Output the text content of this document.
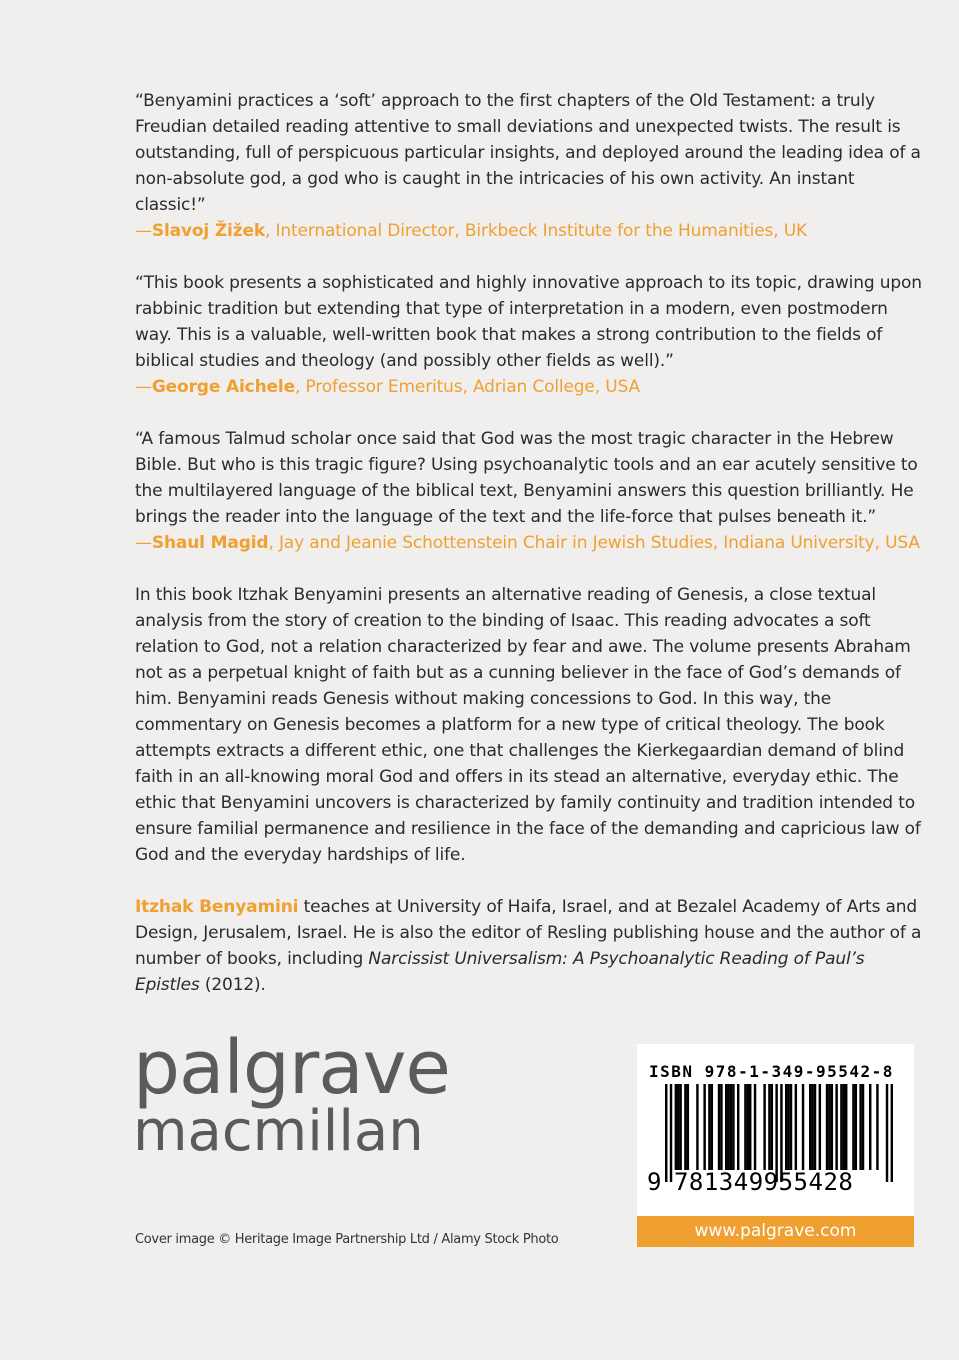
“Benyamini practices a ‘soft’ approach to the first chapters of the Old Testament: a truly Freudian detailed reading attentive to small deviations and unexpected twists. The result is outstanding, full of perspicuous particular insights, and deployed around the leading idea of a non-absolute god, a god who is caught in the intricacies of his own activity. An instant classic!”
—Slavoj Žižek, International Director, Birkbeck Institute for the Humanities, UK

“This book presents a sophisticated and highly innovative approach to its topic, drawing upon rabbinic tradition but extending that type of interpretation in a modern, even postmodern way. This is a valuable, well-written book that makes a strong contribution to the fields of biblical studies and theology (and possibly other fields as well).”
—George Aichele, Professor Emeritus, Adrian College, USA

“A famous Talmud scholar once said that God was the most tragic character in the Hebrew Bible. But who is this tragic figure? Using psychoanalytic tools and an ear acutely sensitive to the multilayered language of the biblical text, Benyamini answers this question brilliantly. He brings the reader into the language of the text and the life-force that pulses beneath it.”
—Shaul Magid, Jay and Jeanie Schottenstein Chair in Jewish Studies, Indiana University, USA

In this book Itzhak Benyamini presents an alternative reading of Genesis, a close textual analysis from the story of creation to the binding of Isaac. This reading advocates a soft relation to God, not a relation characterized by fear and awe. The volume presents Abraham not as a perpetual knight of faith but as a cunning believer in the face of God’s demands of him. Benyamini reads Genesis without making concessions to God. In this way, the commentary on Genesis becomes a platform for a new type of critical theology. The book attempts extracts a different ethic, one that challenges the Kierkegaardian demand of blind faith in an all-knowing moral God and offers in its stead an alternative, everyday ethic. The ethic that Benyamini uncovers is characterized by family continuity and tradition intended to ensure familial permanence and resilience in the face of the demanding and capricious law of God and the everyday hardships of life.

Itzhak Benyamini teaches at University of Haifa, Israel, and at Bezalel Academy of Arts and Design, Jerusalem, Israel. He is also the editor of Resling publishing house and the author of a number of books, including Narcissist Universalism: A Psychoanalytic Reading of Paul’s Epistles (2012).

palgrave
macmillan
Cover image © Heritage Image Partnership Ltd / Alamy Stock Photo
ISBN 978-1-349-95542-8
9 781349955428
www.palgrave.com
